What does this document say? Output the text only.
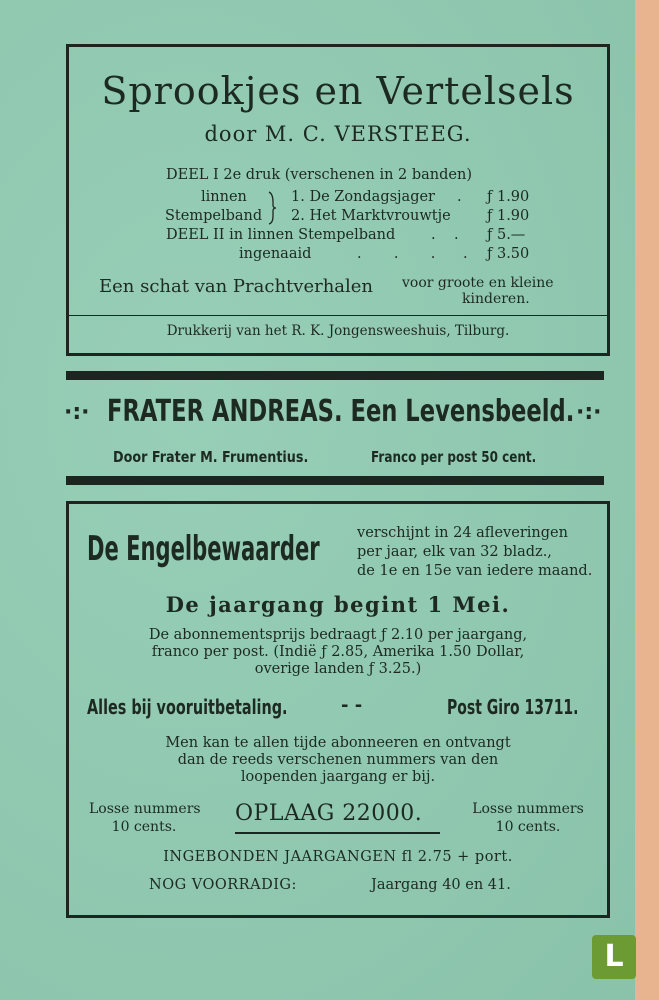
Sprookjes en Vertelsels
door M. C. VERSTEEG.
DEEL I 2e druk (verschenen in 2 banden)
linnen
Stempelband
1. De Zondagsjager . ƒ 1.90
2. Het Marktvrouwtje	ƒ 1.90
DEEL II in linnen Stempelband .    . ƒ 5.—
ingenaaid	.       .       .      . ƒ 3.50
Een schat van Prachtverhalen voor groote en kleine
kinderen.
Drukkerij van het R. K. Jongensweeshuis, Tilburg.
·:· FRATER ANDREAS. Een Levensbeeld. ·:·
Door Frater M. Frumentius.	Franco per post 50 cent.
De Engelbewaarder	verschijnt in 24 afleveringen
per jaar, elk van 32 bladz.,
de 1e en 15e van iedere maand.
De jaargang begint 1 Mei.
De abonnementsprijs bedraagt ƒ 2.10 per jaargang,
franco per post. (Indië ƒ 2.85, Amerika 1.50 Dollar,
overige landen ƒ 3.25.)
Alles bij vooruitbetaling.	- -	Post Giro 13711.
Men kan te allen tijde abonneeren en ontvangt
dan de reeds verschenen nummers van den
loopenden jaargang er bij.
Losse nummers
10 cents.
OPLAAG 22000.	Losse nummers
10 cents.
INGEBONDEN JAARGANGEN fl 2.75 + port.
NOG VOORRADIG:	Jaargang 40 en 41.
L
